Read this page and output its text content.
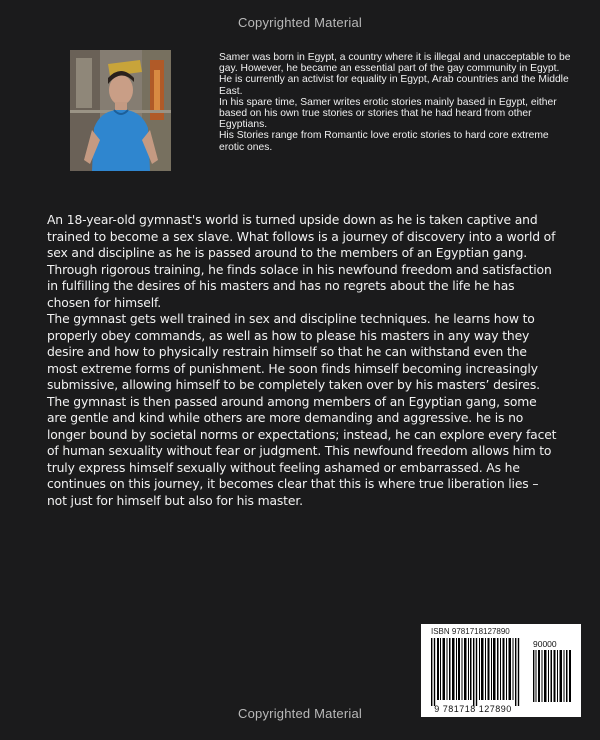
Copyrighted Material

Samer was born in Egypt, a country where it is illegal and unacceptable to be gay. However, he became an essential part of the gay community in Egypt. He is currently an activist for equality in Egypt, Arab countries and the Middle East.

In his spare time, Samer writes erotic stories mainly based in Egypt, either based on his own true stories or stories that he had heard from other Egyptians.

His Stories range from Romantic love erotic stories to hard core extreme erotic ones.

An 18-year-old gymnast's world is turned upside down as he is taken captive and trained to become a sex slave. What follows is a journey of discovery into a world of sex and discipline as he is passed around to the members of an Egyptian gang. Through rigorous training, he finds solace in his newfound freedom and satisfaction in fulfilling the desires of his masters and has no regrets about the life he has chosen for himself.

The gymnast gets well trained in sex and discipline techniques. he learns how to properly obey commands, as well as how to please his masters in any way they desire and how to physically restrain himself so that he can withstand even the most extreme forms of punishment. He soon finds himself becoming increasingly submissive, allowing himself to be completely taken over by his masters’ desires.

The gymnast is then passed around among members of an Egyptian gang, some are gentle and kind while others are more demanding and aggressive. he is no longer bound by societal norms or expectations; instead, he can explore every facet of human sexuality without fear or judgment. This newfound freedom allows him to truly express himself sexually without feeling ashamed or embarrassed. As he continues on this journey, it becomes clear that this is where true liberation lies – not just for himself but also for his master.

ISBN 9781718127890
90000
9 781718 127890
Copyrighted Material
